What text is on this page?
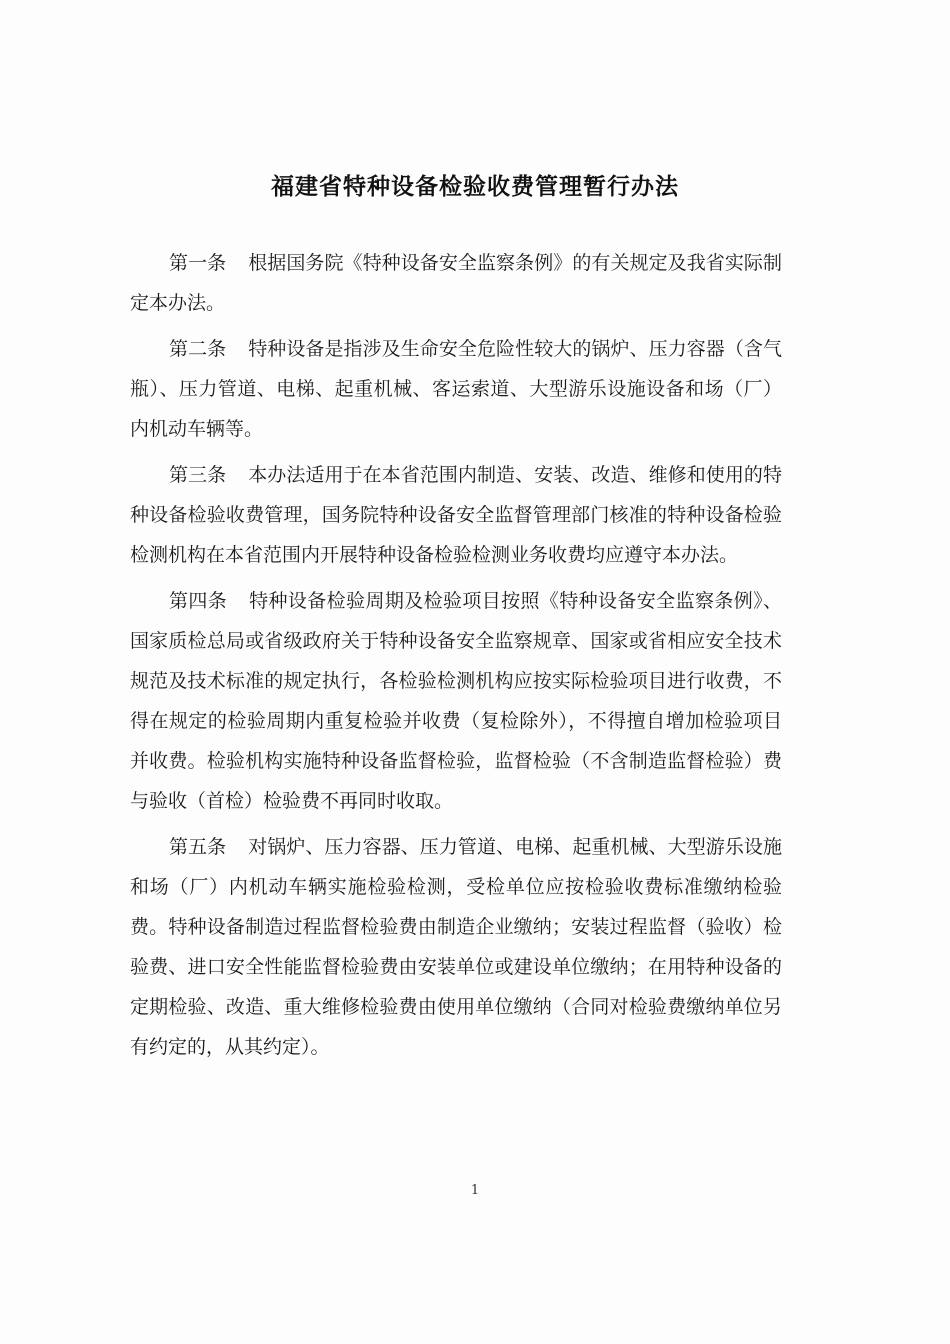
福建省特种设备检验收费管理暂行办法

第一条 根据国务院《特种设备安全监察条例》的有关规定及我省实际制定本办法。

第二条 特种设备是指涉及生命安全危险性较大的锅炉、压力容器（含气瓶）、压力管道、电梯、起重机械、客运索道、大型游乐设施设备和场（厂）内机动车辆等。

第三条 本办法适用于在本省范围内制造、安装、改造、维修和使用的特种设备检验收费管理，国务院特种设备安全监督管理部门核准的特种设备检验检测机构在本省范围内开展特种设备检验检测业务收费均应遵守本办法。

第四条 特种设备检验周期及检验项目按照《特种设备安全监察条例》、国家质检总局或省级政府关于特种设备安全监察规章、国家或省相应安全技术规范及技术标准的规定执行，各检验检测机构应按实际检验项目进行收费，不得在规定的检验周期内重复检验并收费（复检除外），不得擅自增加检验项目并收费。检验机构实施特种设备监督检验，监督检验（不含制造监督检验）费与验收（首检）检验费不再同时收取。

第五条 对锅炉、压力容器、压力管道、电梯、起重机械、大型游乐设施和场（厂）内机动车辆实施检验检测，受检单位应按检验收费标准缴纳检验费。特种设备制造过程监督检验费由制造企业缴纳；安装过程监督（验收）检验费、进口安全性能监督检验费由安装单位或建设单位缴纳；在用特种设备的定期检验、改造、重大维修检验费由使用单位缴纳（合同对检验费缴纳单位另有约定的，从其约定）。

1
